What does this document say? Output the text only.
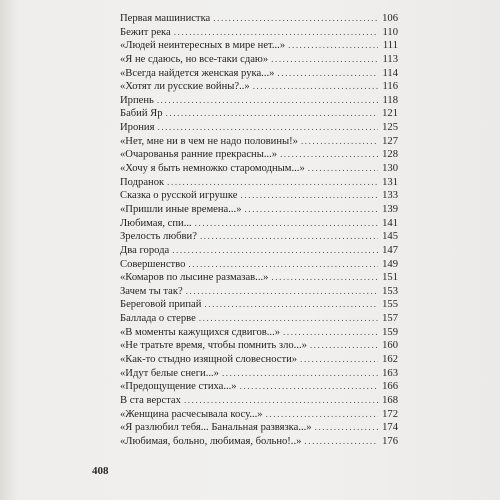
Первая машинистка .....	106
Бежит река .....	110
«Людей неинтересных в мире нет...» .....	111
«Я не сдаюсь, но все-таки сдаю» .....	113
«Всегда найдется женская рука...» .....	114
«Хотят ли русские войны?..» .....	116
Ирпень .....	118
Бабий Яр .....	121
Ирония .....	125
«Нет, мне ни в чем не надо половины!» .....	127
«Очарованья ранние прекрасны...» .....	128
«Хочу я быть немножко старомодным...» .....	130
Подранок .....	131
Сказка о русской игрушке .....	133
«Пришли иные времена...» .....	139
Любимая, спи... .....	141
Зрелость любви? .....	145
Два города .....	147
Совершенство .....	149
«Комаров по лысине размазав...» .....	151
Зачем ты так? .....	153
Береговой припай .....	155
Баллада о стерве .....	157
«В моменты кажущихся сдвигов...» .....	159
«Не тратьте время, чтобы помнить зло...» .....	160
«Как-то стыдно изящной словесности» .....	162
«Идут белые снеги...» .....	163
«Предощущение стиха...» .....	166
В ста верстах .....	168
«Женщина расчесывала косу...» .....	172
«Я разлюбил тебя... Банальная развязка...» .....	174
«Любимая, больно, любимая, больно!..» .....	176
408
